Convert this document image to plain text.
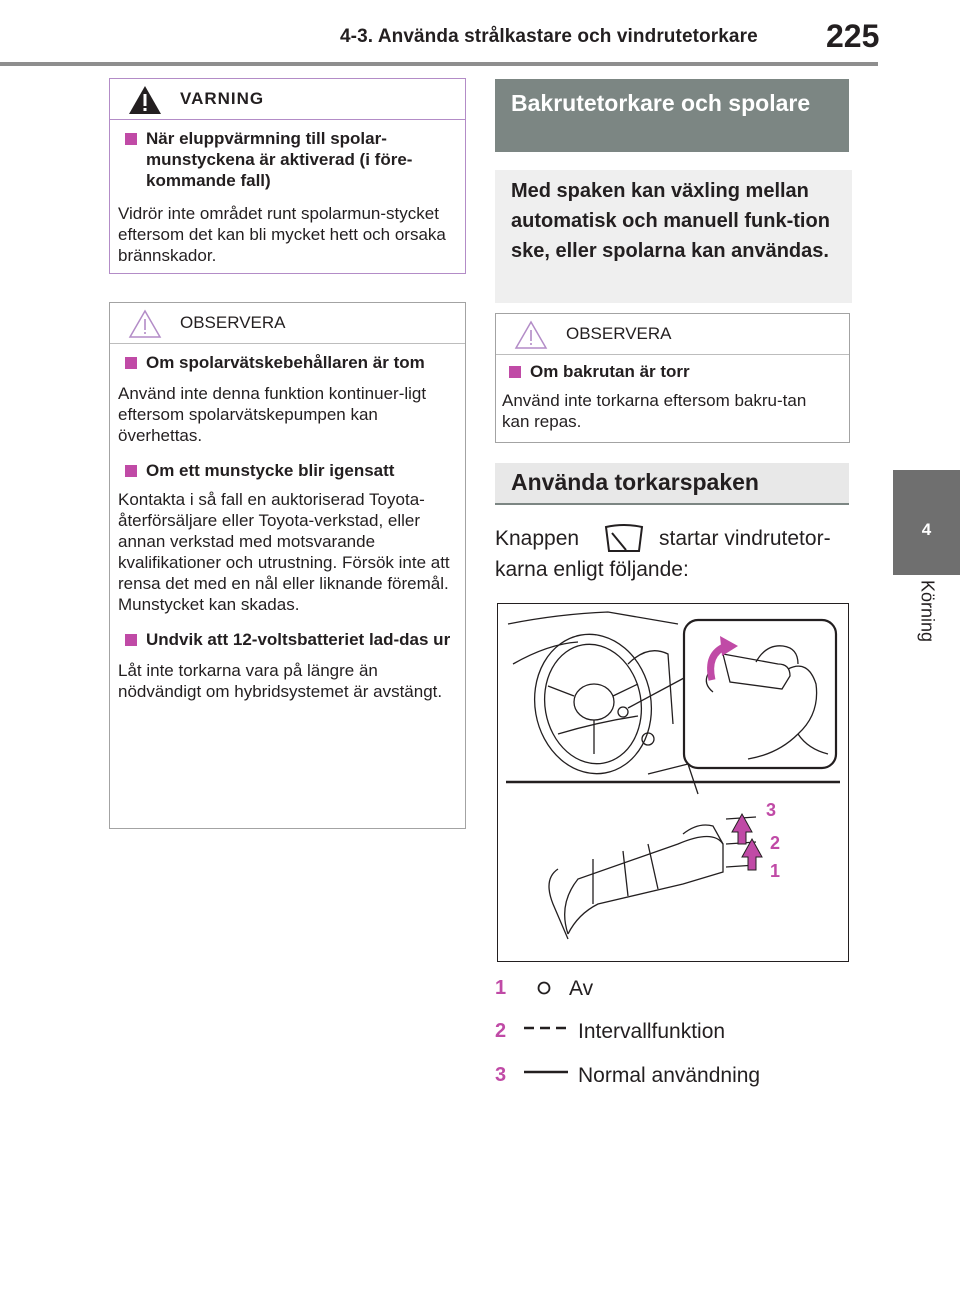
4-3. Använda strålkastare och vindrutetorkare 225
4
Körning
VARNING

När eluppvärmning till spolar-munstyckena är aktiverad (i före-kommande fall)

Vidrör inte området runt spolarmun-stycket eftersom det kan bli mycket hett och orsaka brännskador.

OBSERVERA

Om spolarvätskebehållaren är tom

Använd inte denna funktion kontinuer-ligt eftersom spolarvätskepumpen kan överhettas.

Om ett munstycke blir igensatt

Kontakta i så fall en auktoriserad Toyota-återförsäljare eller Toyota-verkstad, eller annan verkstad med motsvarande kvalifikationer och utrustning. Försök inte att rensa det med en nål eller liknande föremål. Munstycket kan skadas.

Undvik att 12-voltsbatteriet lad-das ur

Låt inte torkarna vara på längre än nödvändigt om hybridsystemet är avstängt.

Bakrutetorkare och spolare
Med spaken kan växling mellan automatisk och manuell funk-tion ske, eller spolarna kan användas.
OBSERVERA

Om bakrutan är torr

Använd inte torkarna eftersom bakru-tan kan repas.

Använda torkarspaken
Knappen	startar vindrutetor-
karna enligt följande:
3
2
1
1	Av
2	Intervallfunktion
3	Normal användning
